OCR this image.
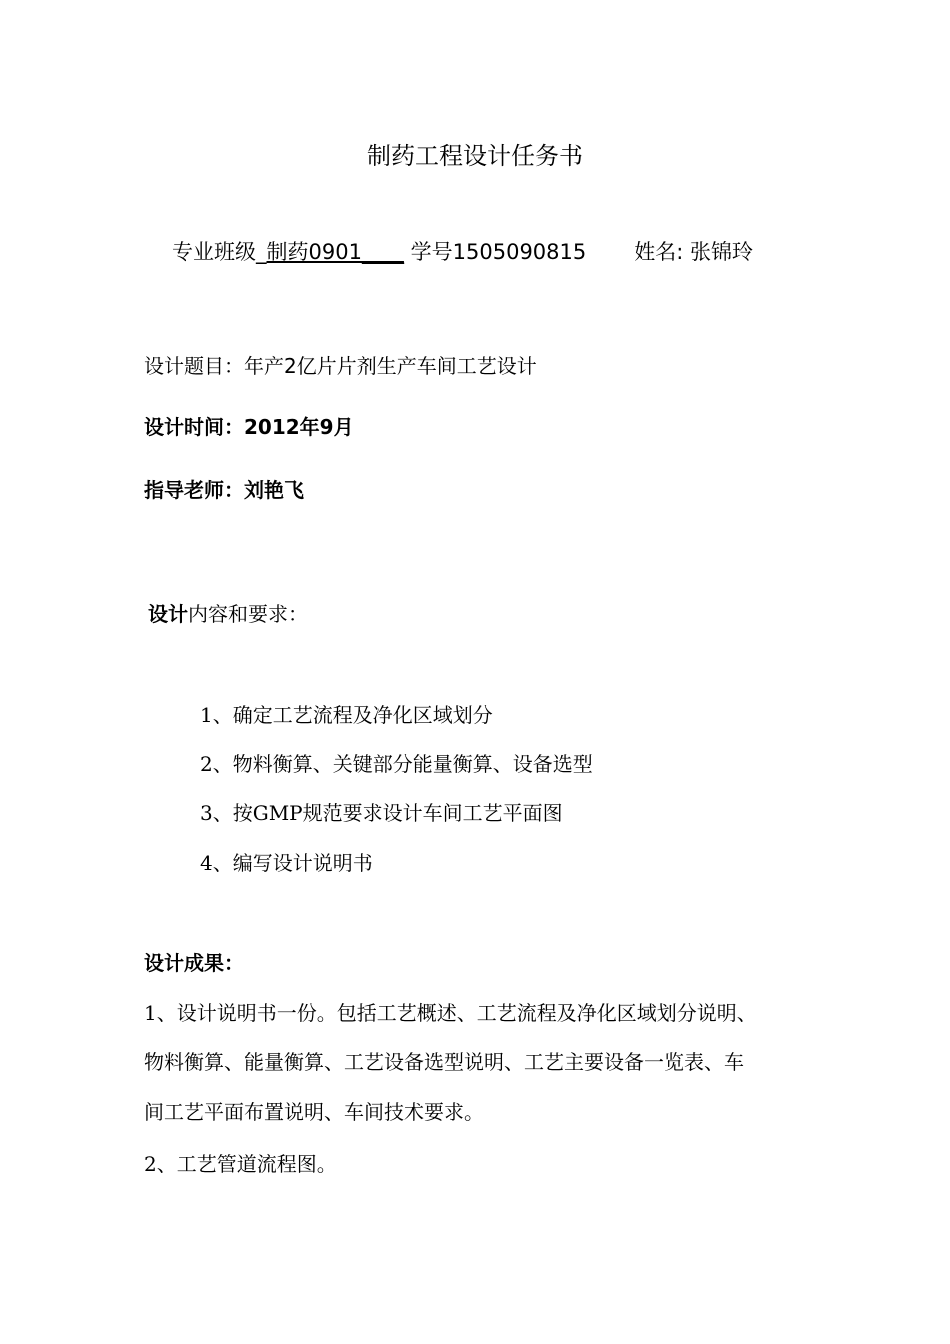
制药工程设计任务书
专业班级_制药0901____ 学号1505090815 姓名: 张锦玲
设计题目：年产2亿片片剂生产车间工艺设计
设计时间：2012年9月
指导老师：刘艳飞
设计内容和要求：
1、确定工艺流程及净化区域划分
2、物料衡算、关键部分能量衡算、设备选型
3、按GMP规范要求设计车间工艺平面图
4、编写设计说明书
设计成果：
1、设计说明书一份。包括工艺概述、工艺流程及净化区域划分说明、
物料衡算、能量衡算、工艺设备选型说明、工艺主要设备一览表、车
间工艺平面布置说明、车间技术要求。
2、工艺管道流程图。
